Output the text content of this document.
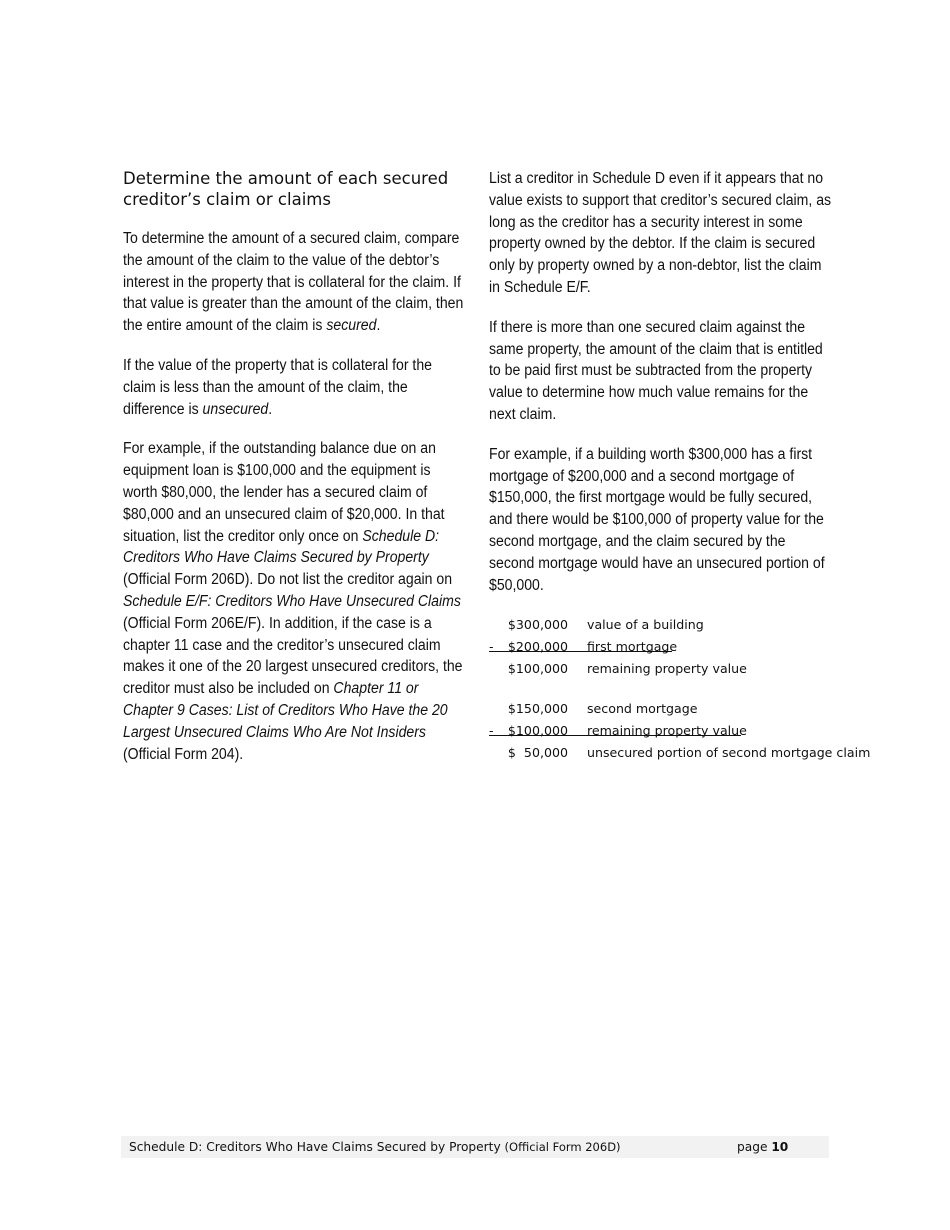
Determine the amount of each secured creditor’s claim or claims

To determine the amount of a secured claim, compare the amount of the claim to the value of the debtor’s interest in the property that is collateral for the claim. If that value is greater than the amount of the claim, then the entire amount of the claim is secured.

If the value of the property that is collateral for the claim is less than the amount of the claim, the difference is unsecured.

For example, if the outstanding balance due on an equipment loan is $100,000 and the equipment is worth $80,000, the lender has a secured claim of $80,000 and an unsecured claim of $20,000. In that situation, list the creditor only once on Schedule D: Creditors Who Have Claims Secured by Property (Official Form 206D). Do not list the creditor again on Schedule E/F: Creditors Who Have Unsecured Claims (Official Form 206E/F). In addition, if the case is a chapter 11 case and the creditor’s unsecured claim makes it one of the 20 largest unsecured creditors, the creditor must also be included on Chapter 11 or Chapter 9 Cases: List of Creditors Who Have the 20 Largest Unsecured Claims Who Are Not Insiders (Official Form 204).

List a creditor in Schedule D even if it appears that no value exists to support that creditor’s secured claim, as long as the creditor has a security interest in some property owned by the debtor. If the claim is secured only by property owned by a non-debtor, list the claim in Schedule E/F.

If there is more than one secured claim against the same property, the amount of the claim that is entitled to be paid first must be subtracted from the property value to determine how much value remains for the next claim.

For example, if a building worth $300,000 has a first mortgage of $200,000 and a second mortgage of $150,000, the first mortgage would be fully secured, and there would be $100,000 of property value for the second mortgage, and the claim secured by the second mortgage would have an unsecured portion of $50,000.

$300,000 value of a building
-	$200,000 first mortgage
$100,000 remaining property value
$150,000 second mortgage
-	$100,000 remaining property value
$  50,000 unsecured portion of second mortgage claim
Schedule D: Creditors Who Have Claims Secured by Property (Official Form 206D)	page 10
